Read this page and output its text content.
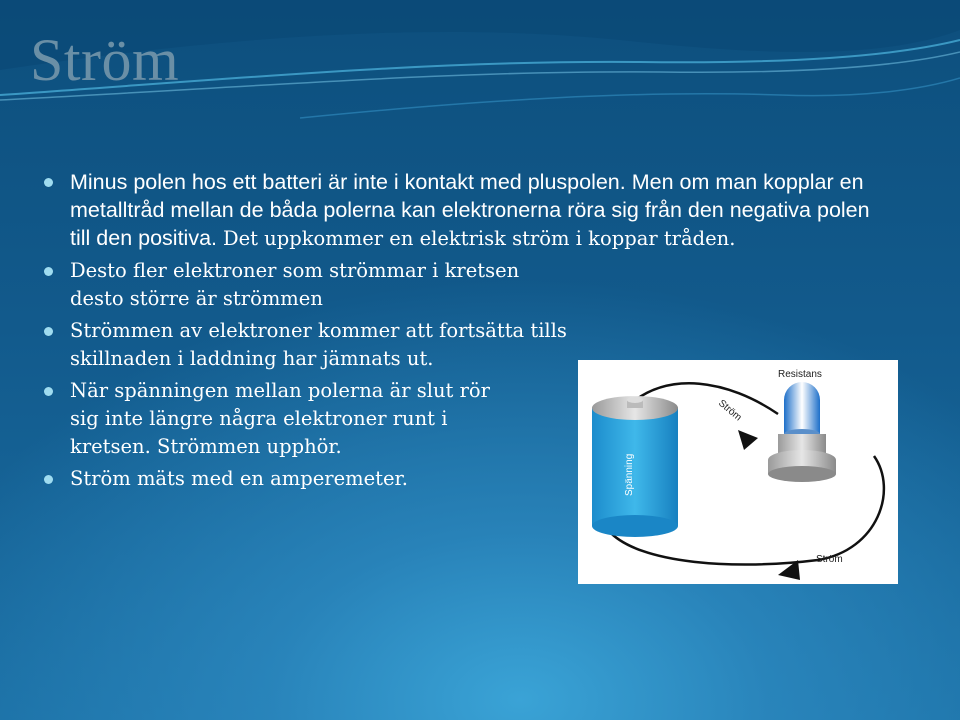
Ström
Minus polen hos ett batteri är inte i kontakt med pluspolen. Men om man kopplar en metalltråd mellan de båda polerna kan elektronerna röra sig från den negativa polen till den positiva. Det uppkommer en elektrisk ström i koppar tråden.
Desto fler elektroner som strömmar i kretsen desto större är strömmen
Strömmen av elektroner kommer att fortsätta tills skillnaden i laddning har jämnats ut.
När spänningen mellan polerna är slut rör sig inte längre några elektroner runt i kretsen. Strömmen upphör.
Ström mäts med en amperemeter.	Spänning
Resistans
Ström
Ström
